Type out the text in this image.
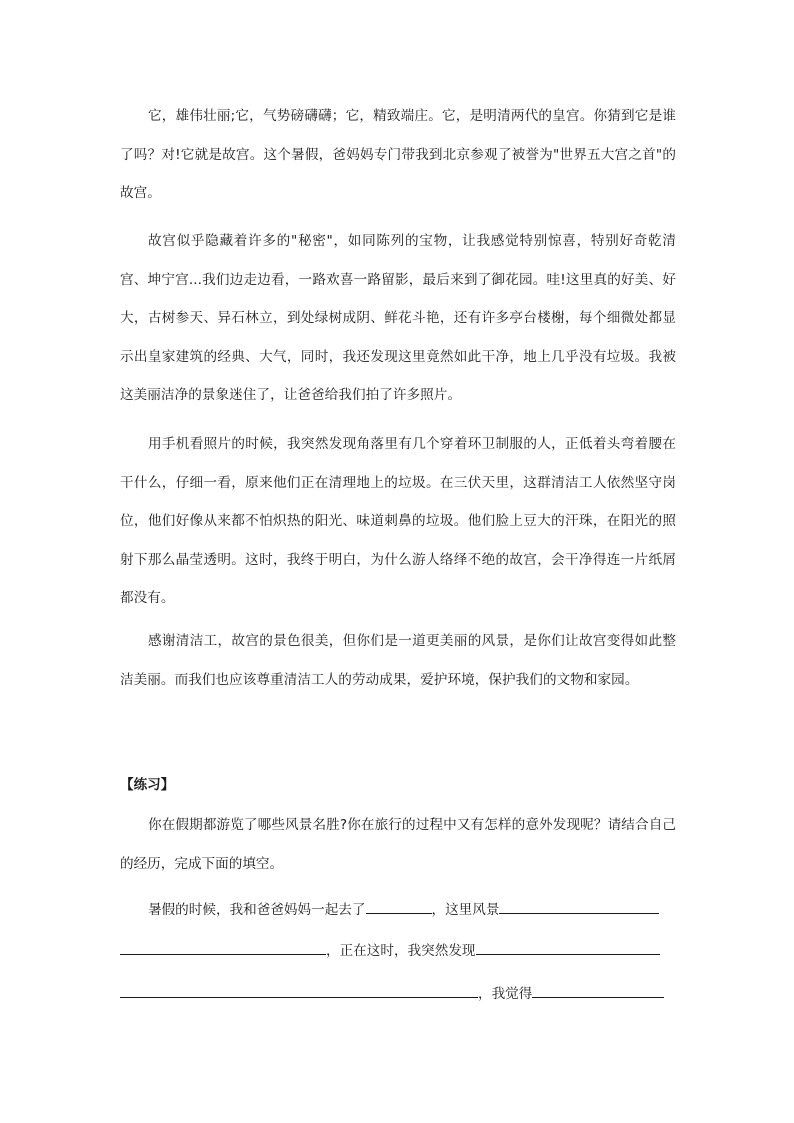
它，雄伟壮丽;它，气势磅礴礴；它，精致端庄。它，是明清两代的皇宫。你猜到它是谁了吗？对!它就是故宫。这个暑假，爸妈妈专门带我到北京参观了被誉为"世界五大宫之首"的故宫。

故宫似乎隐藏着许多的"秘密"，如同陈列的宝物，让我感觉特别惊喜，特别好奇乾清宫、坤宁宫...我们边走边看，一路欢喜一路留影，最后来到了御花园。哇!这里真的好美、好大，古树参天、异石林立，到处绿树成阴、鲜花斗艳，还有许多亭台楼榭，每个细微处都显示出皇家建筑的经典、大气，同时，我还发现这里竟然如此干净，地上几乎没有垃圾。我被这美丽洁净的景象迷住了，让爸爸给我们拍了许多照片。

用手机看照片的时候，我突然发现角落里有几个穿着环卫制服的人，正低着头弯着腰在干什么，仔细一看，原来他们正在清理地上的垃圾。在三伏天里，这群清洁工人依然坚守岗位，他们好像从来都不怕炽热的阳光、味道刺鼻的垃圾。他们脸上豆大的汗珠，在阳光的照射下那么晶莹透明。这时，我终于明白，为什么游人络绎不绝的故宫，会干净得连一片纸屑都没有。

感谢清洁工，故宫的景色很美，但你们是一道更美丽的风景，是你们让故宫变得如此整洁美丽。而我们也应该尊重清洁工人的劳动成果，爱护环境，保护我们的文物和家园。

【练习】

你在假期都游览了哪些风景名胜?你在旅行的过程中又有怎样的意外发现呢？请结合自己的经历，完成下面的填空。

暑假的时候，我和爸爸妈妈一起去了	，这里风景
，正在这时，我突然发现
，我觉得
